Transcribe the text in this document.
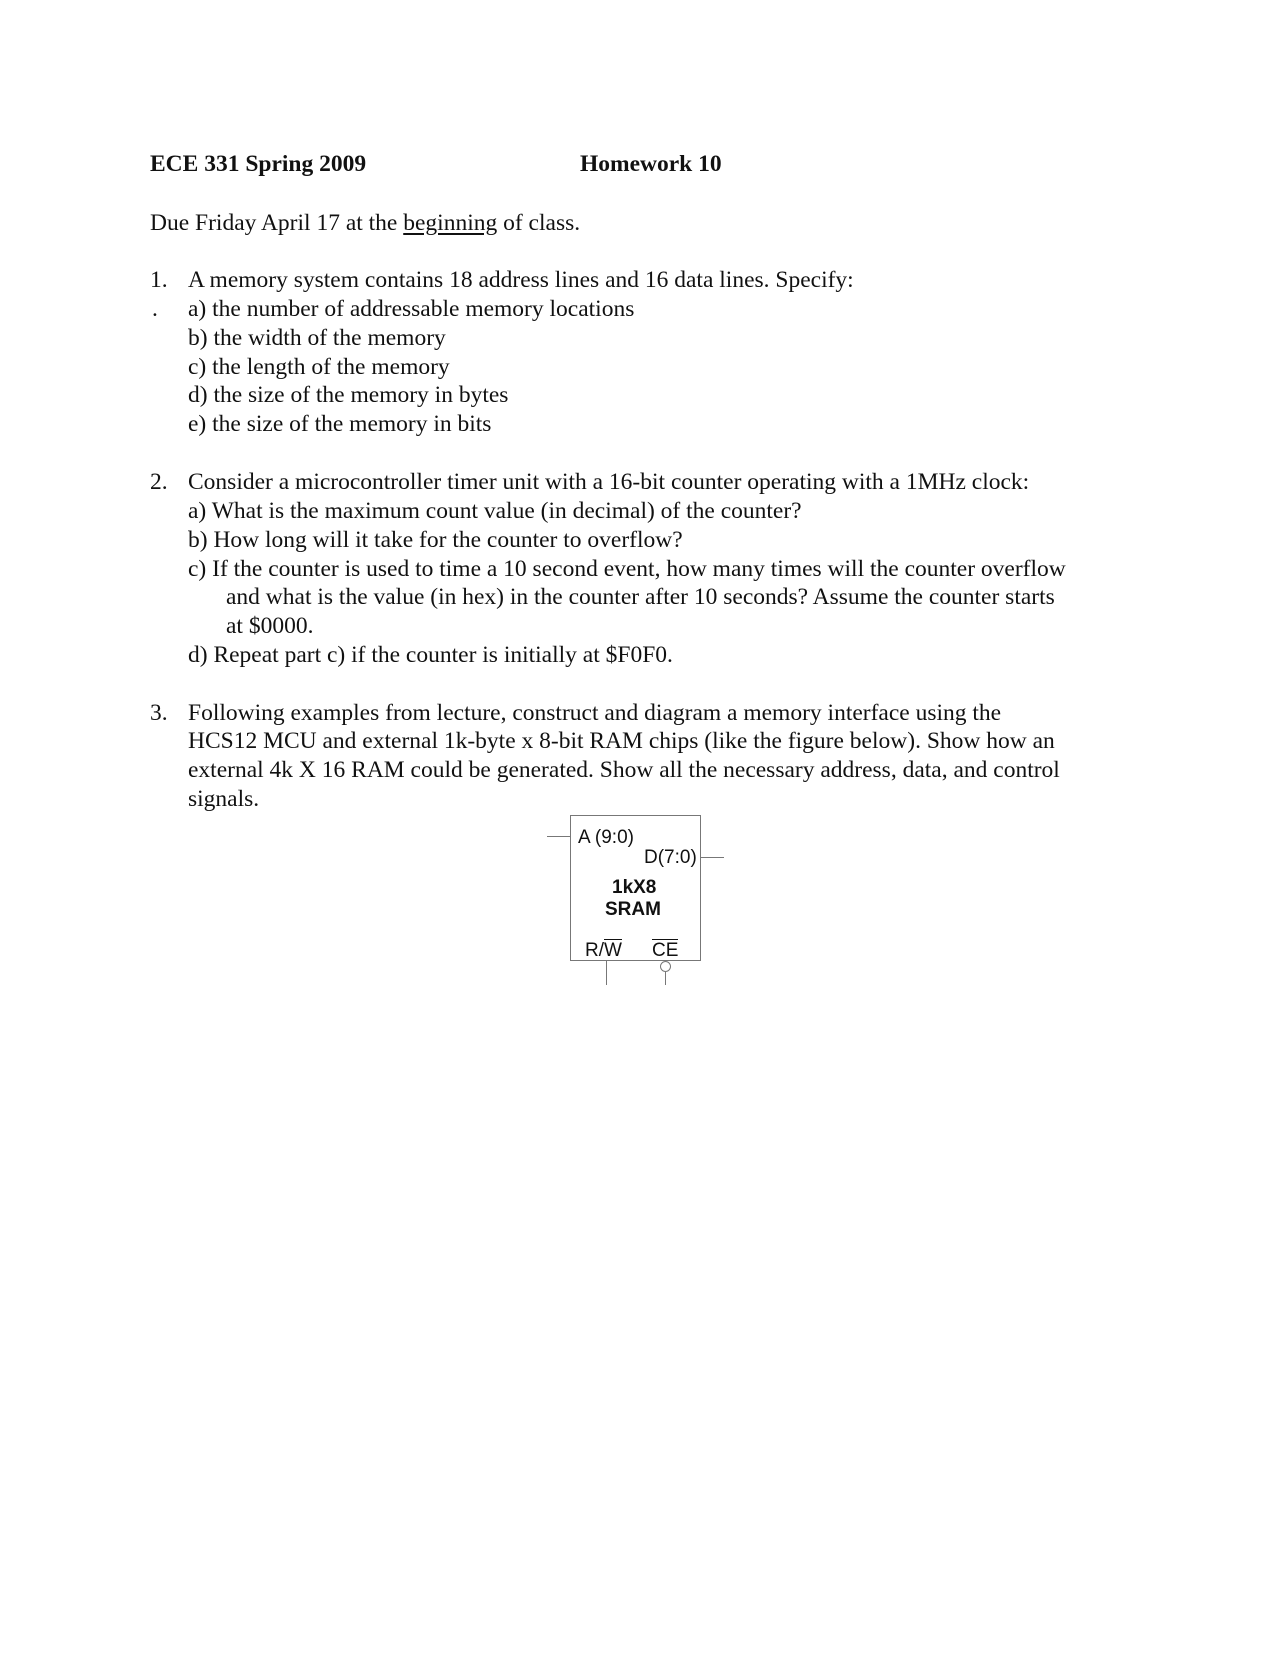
ECE 331 Spring 2009	Homework 10
Due Friday April 17 at the beginning of class.
1. A memory system contains 18 address lines and 16 data lines. Specify:
. a) the number of addressable memory locations
b) the width of the memory
c) the length of the memory
d) the size of the memory in bytes
e) the size of the memory in bits
2. Consider a microcontroller timer unit with a 16-bit counter operating with a 1MHz clock:
a) What is the maximum count value (in decimal) of the counter?
b) How long will it take for the counter to overflow?
c) If the counter is used to time a 10 second event, how many times will the counter overflow
and what is the value (in hex) in the counter after 10 seconds? Assume the counter starts
at $0000.
d) Repeat part c) if the counter is initially at $F0F0.
3. Following examples from lecture, construct and diagram a memory interface using the
HCS12 MCU and external 1k-byte x 8-bit RAM chips (like the figure below). Show how an
external 4k X 16 RAM could be generated. Show all the necessary address, data, and control
signals.
A (9:0)
D(7:0)
1kX8
SRAM
R/W CE
